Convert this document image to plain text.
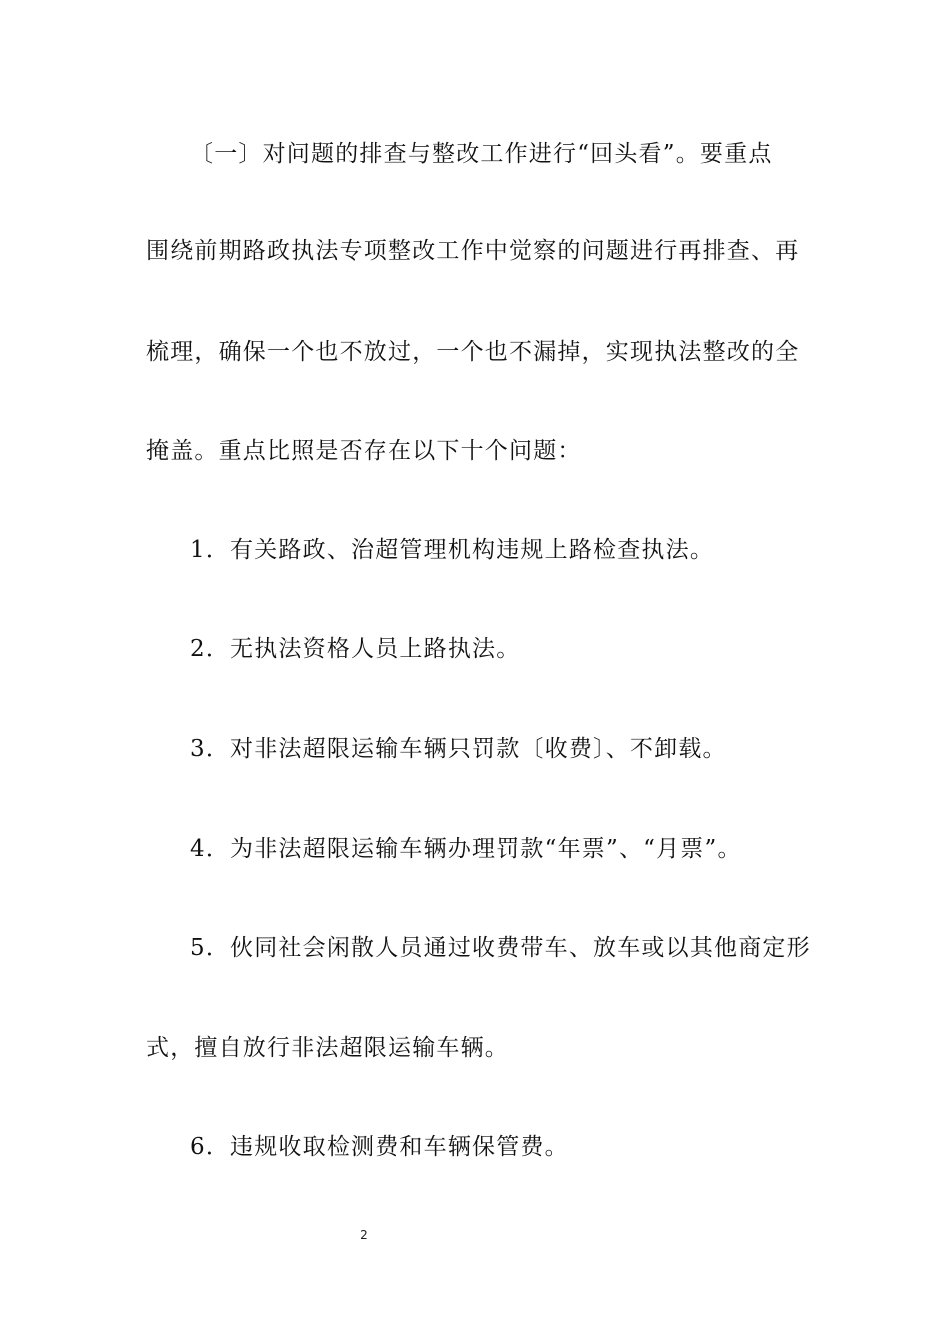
〔一〕对问题的排查与整改工作进行“回头看”。要重点
围绕前期路政执法专项整改工作中觉察的问题进行再排查、再
梳理，确保一个也不放过，一个也不漏掉，实现执法整改的全
掩盖。重点比照是否存在以下十个问题：
1．有关路政、治超管理机构违规上路检查执法。
2．无执法资格人员上路执法。
3．对非法超限运输车辆只罚款〔收费〕、不卸载。
4．为非法超限运输车辆办理罚款“年票”、“月票”。
5．伙同社会闲散人员通过收费带车、放车或以其他商定形
式，擅自放行非法超限运输车辆。
6．违规收取检测费和车辆保管费。
2
